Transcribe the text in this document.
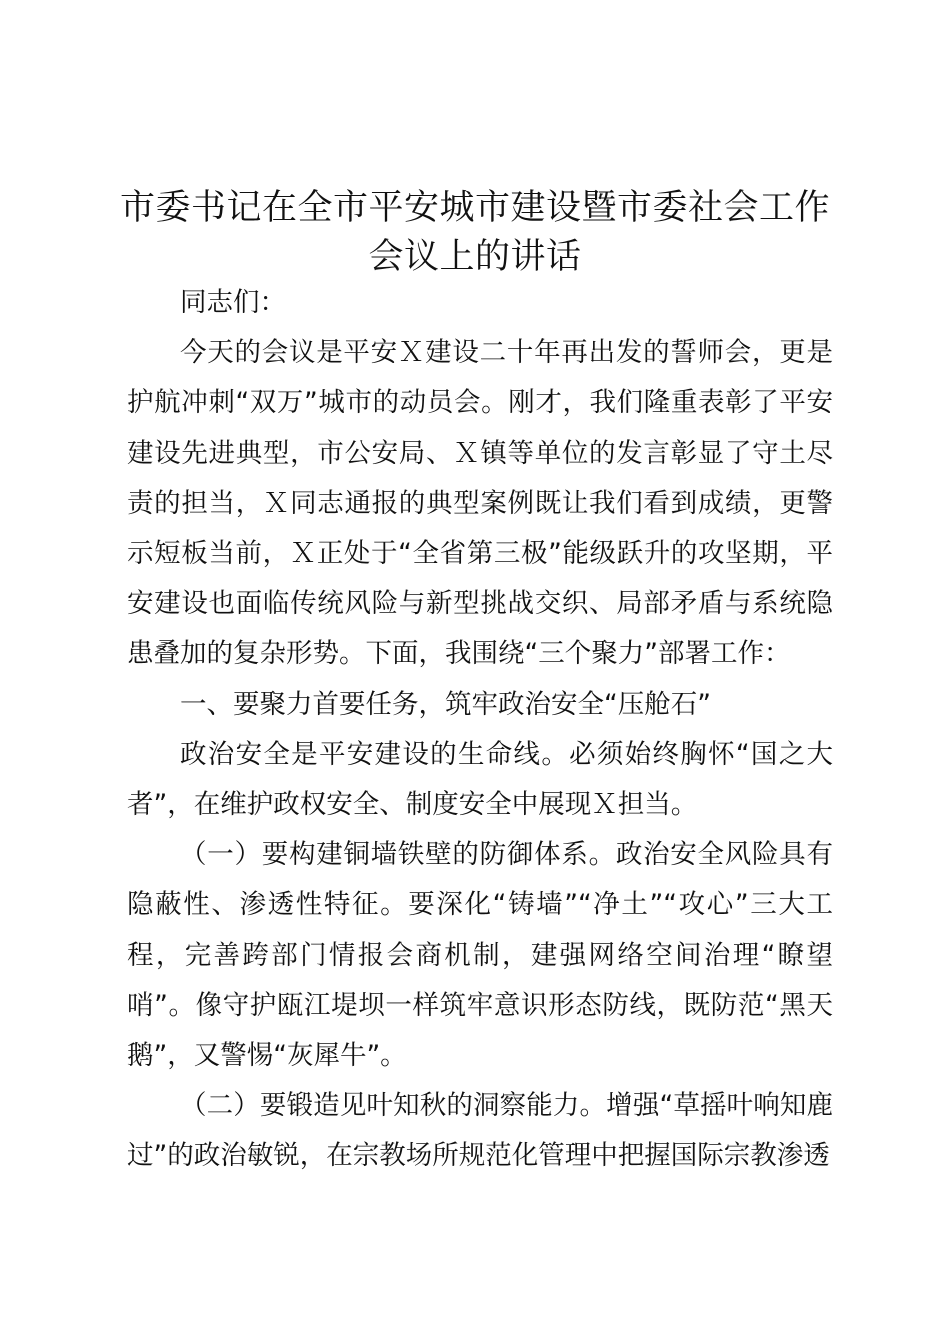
市委书记在全市平安城市建设暨市委社会工作
会议上的讲话

同志们：

今天的会议是平安Ｘ建设二十年再出发的誓师会，更是护航冲刺“双万”城市的动员会。刚才，我们隆重表彰了平安建设先进典型，市公安局、Ｘ镇等单位的发言彰显了守土尽责的担当，Ｘ同志通报的典型案例既让我们看到成绩，更警示短板当前，Ｘ正处于“全省第三极”能级跃升的攻坚期，平安建设也面临传统风险与新型挑战交织、局部矛盾与系统隐患叠加的复杂形势。下面，我围绕“三个聚力”部署工作：

一、要聚力首要任务，筑牢政治安全“压舱石”

政治安全是平安建设的生命线。必须始终胸怀“国之大者”，在维护政权安全、制度安全中展现Ｘ担当。

（一）要构建铜墙铁壁的防御体系。政治安全风险具有隐蔽性、渗透性特征。要深化“铸墙”“净土”“攻心”三大工程，完善跨部门情报会商机制，建强网络空间治理“瞭望哨”。像守护瓯江堤坝一样筑牢意识形态防线，既防范“黑天鹅”，又警惕“灰犀牛”。

（二）要锻造见叶知秋的洞察能力。增强“草摇叶响知鹿过”的政治敏锐，在宗教场所规范化管理中把握国际宗教渗透
